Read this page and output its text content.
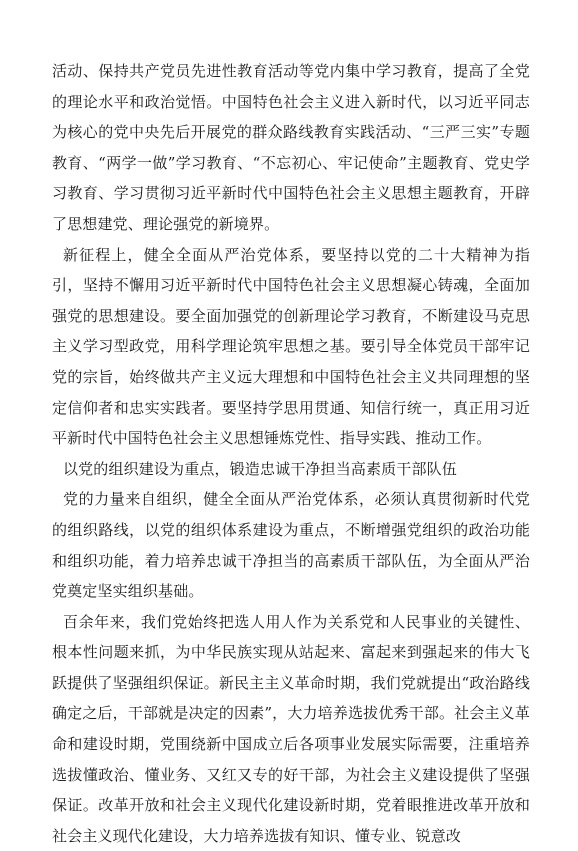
活动、保持共产党员先进性教育活动等党内集中学习教育，提高了全党的理论水平和政治觉悟。中国特色社会主义进入新时代，以习近平同志为核心的党中央先后开展党的群众路线教育实践活动、“三严三实”专题教育、“两学一做”学习教育、“不忘初心、牢记使命”主题教育、党史学习教育、学习贯彻习近平新时代中国特色社会主义思想主题教育，开辟了思想建党、理论强党的新境界。

新征程上，健全全面从严治党体系，要坚持以党的二十大精神为指引，坚持不懈用习近平新时代中国特色社会主义思想凝心铸魂，全面加强党的思想建设。要全面加强党的创新理论学习教育，不断建设马克思主义学习型政党，用科学理论筑牢思想之基。要引导全体党员干部牢记党的宗旨，始终做共产主义远大理想和中国特色社会主义共同理想的坚定信仰者和忠实实践者。要坚持学思用贯通、知信行统一，真正用习近平新时代中国特色社会主义思想锤炼党性、指导实践、推动工作。

以党的组织建设为重点，锻造忠诚干净担当高素质干部队伍

党的力量来自组织，健全全面从严治党体系，必须认真贯彻新时代党的组织路线，以党的组织体系建设为重点，不断增强党组织的政治功能和组织功能，着力培养忠诚干净担当的高素质干部队伍，为全面从严治党奠定坚实组织基础。

百余年来，我们党始终把选人用人作为关系党和人民事业的关键性、根本性问题来抓，为中华民族实现从站起来、富起来到强起来的伟大飞跃提供了坚强组织保证。新民主主义革命时期，我们党就提出“政治路线确定之后，干部就是决定的因素”，大力培养选拔优秀干部。社会主义革命和建设时期，党围绕新中国成立后各项事业发展实际需要，注重培养选拔懂政治、懂业务、又红又专的好干部，为社会主义建设提供了坚强保证。改革开放和社会主义现代化建设新时期，党着眼推进改革开放和社会主义现代化建设，大力培养选拔有知识、懂专业、锐意改
